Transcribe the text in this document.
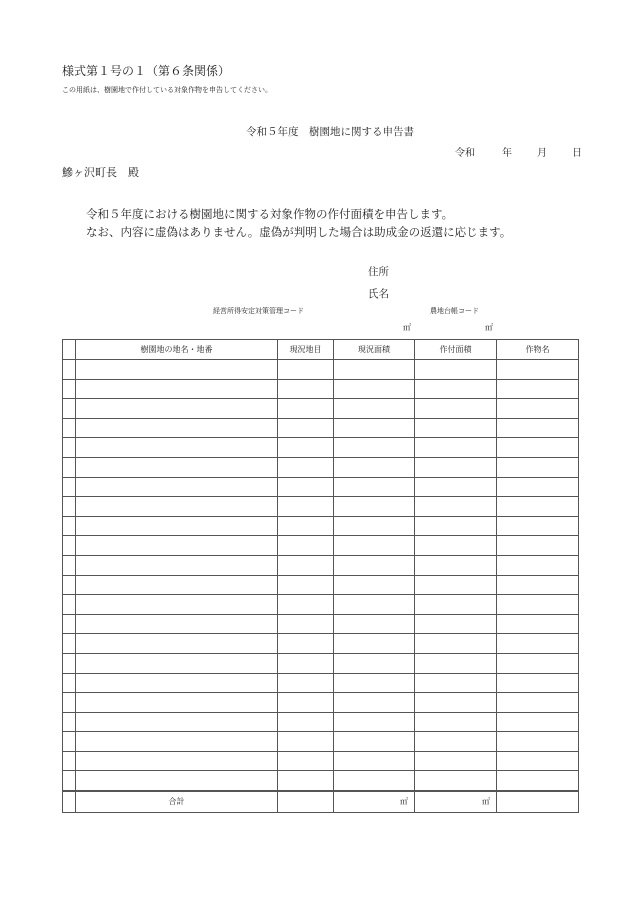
様式第１号の１（第６条関係）
この用紙は、樹園地で作付している対象作物を申告してください。
令和５年度　樹園地に関する申告書
令和	年	月	日
鰺ヶ沢町長　殿
令和５年度における樹園地に関する対象作物の作付面積を申告します。
なお、内容に虚偽はありません。虚偽が判明した場合は助成金の返還に応じます。
住所
氏名
経営所得安定対策管理コード	農地台帳コード
㎡	㎡
	樹園地の地名・地番	現況地目	現況面積	作付面積	作物名

	合計		㎡	㎡	
